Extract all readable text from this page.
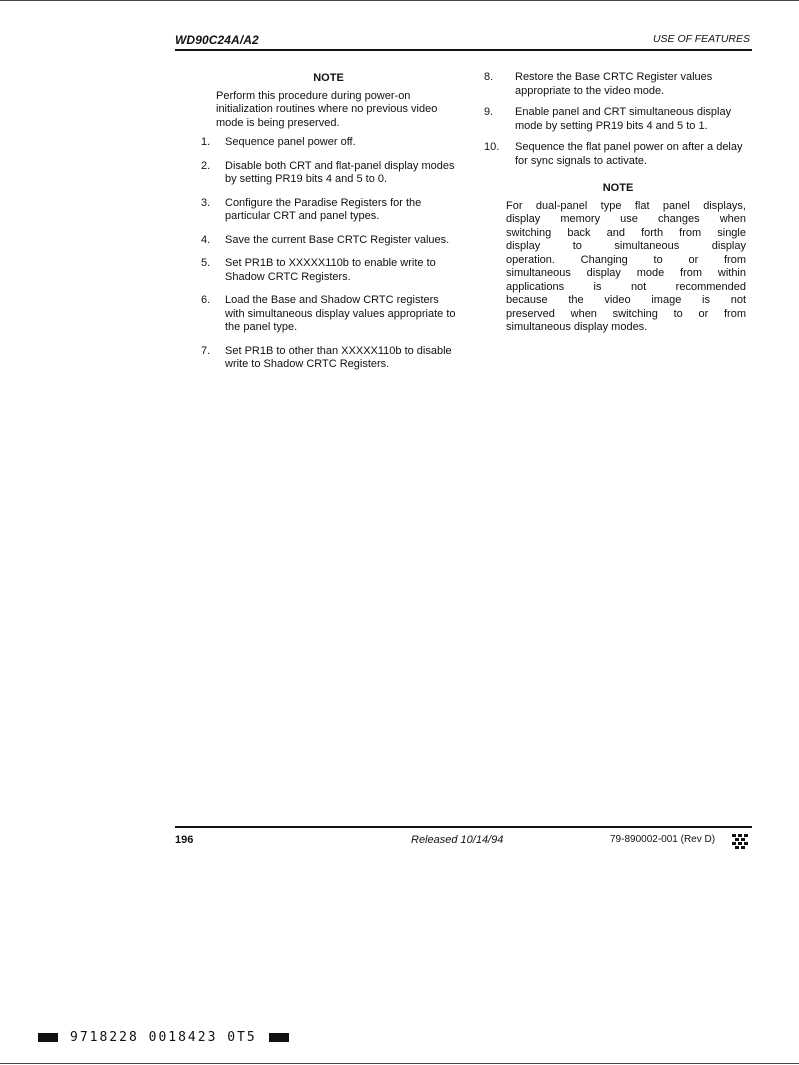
WD90C24A/A2	USE OF FEATURES
NOTE
Perform this procedure during power-on initialization routines where no previous video mode is being preserved.
1.	Sequence panel power off.
2.	Disable both CRT and flat-panel display modes by setting PR19 bits 4 and 5 to 0.
3.	Configure the Paradise Registers for the particular CRT and panel types.
4.	Save the current Base CRTC Register values.
5.	Set PR1B to XXXXX110b to enable write to Shadow CRTC Registers.
6.	Load the Base and Shadow CRTC registers with simultaneous display values appropriate to the panel type.
7.	Set PR1B to other than XXXXX110b to disable write to Shadow CRTC Registers.
8.	Restore the Base CRTC Register values appropriate to the video mode.
9.	Enable panel and CRT simultaneous display mode by setting PR19 bits 4 and 5 to 1.
10.	Sequence the flat panel power on after a delay for sync signals to activate.
NOTE
For dual-panel type flat panel displays,
display memory use changes when
switching back and forth from single
display to simultaneous display
operation. Changing to or from
simultaneous display mode from within
applications is not recommended
because the video image is not
preserved when switching to or from
simultaneous display modes.
196	Released 10/14/94	79-890002-001 (Rev D)
9718228 0018423 0T5
